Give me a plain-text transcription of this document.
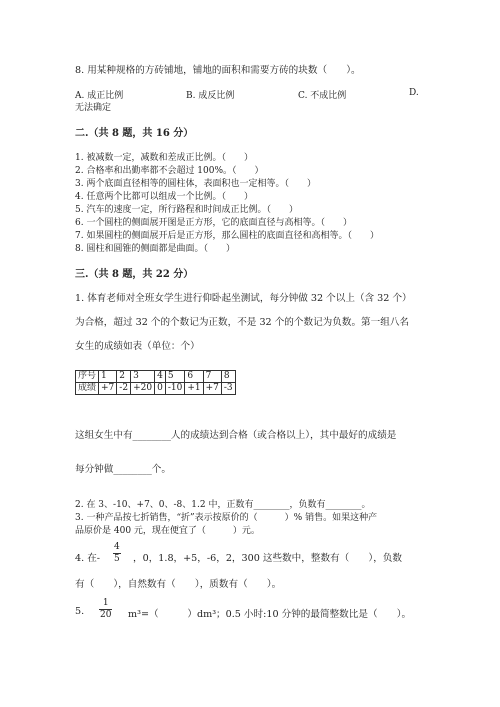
8. 用某种规格的方砖铺地，铺地的面积和需要方砖的块数（　　）。
A. 成正比例	B. 成反比例	C. 不成比例	D.
无法确定
二.（共 8 题，共 16 分）
1. 被减数一定，减数和差成正比例。（　　）
2. 合格率和出勤率都不会超过 100%。（　　）
3. 两个底面直径相等的圆柱体，表面积也一定相等。（　　）
4. 任意两个比都可以组成一个比例。（　　）
5. 汽车的速度一定，所行路程和时间成正比例。（　　）
6. 一个圆柱的侧面展开图是正方形，它的底面直径与高相等。（　　）
7. 如果圆柱的侧面展开后是正方形，那么圆柱的底面直径和高相等。（　　）
8. 圆柱和圆锥的侧面都是曲面。（　　）
三.（共 8 题，共 22 分）
1. 体育老师对全班女学生进行仰卧起坐测试，每分钟做 32 个以上（含 32 个）
为合格，超过 32 个的个数记为正数，不是 32 个的个数记为负数。第一组八名
女生的成绩如表（单位：个）
序号	1	2	3	4	5	6	7	8
成绩	+7	-2	+20	0	-10	+1	+7	-3
这组女生中有________人的成绩达到合格（或合格以上），其中最好的成绩是
每分钟做________个。
2. 在 3、-10、+7、0、-8、1.2 中，正数有________，负数有________。
3. 一种产品按七折销售，“折”表示按原价的（　　　）% 销售。如果这种产
品原价是 400 元，现在便宜了（　　　）元。
4. 在- $\frac{4}{5}$ ，0，1.8，+5，-6，2，300 这些数中，整数有（　　），负数
有（　　），自然数有（　　），质数有（　　）。
5. $\frac{1}{20} m^3=$（　　　）dm³；0.5 小时:10 分钟的最简整数比是（　　）。
